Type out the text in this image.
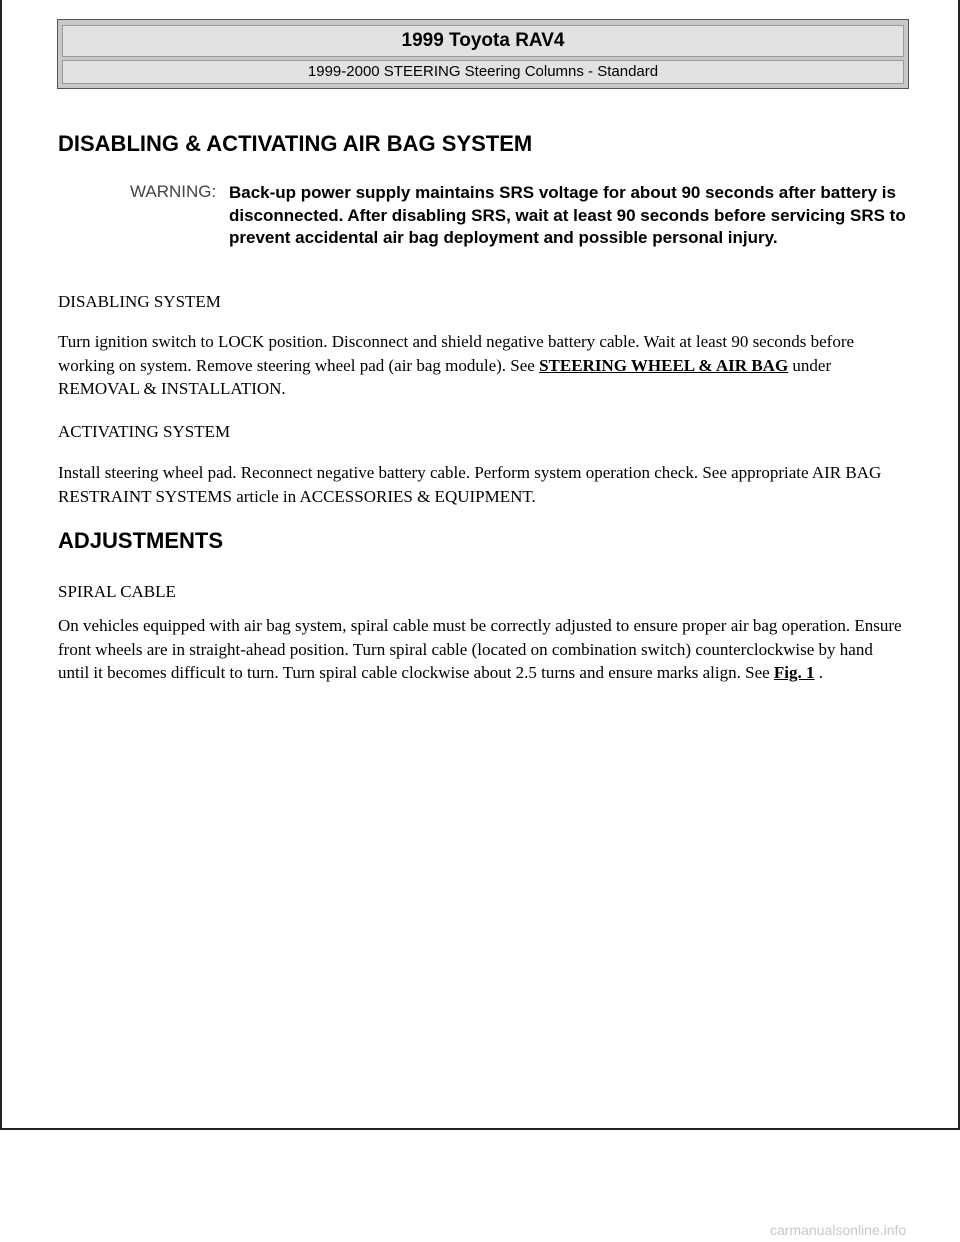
1999 Toyota RAV4
1999-2000 STEERING Steering Columns - Standard
DISABLING & ACTIVATING AIR BAG SYSTEM
WARNING: Back-up power supply maintains SRS voltage for about 90 seconds after battery is disconnected. After disabling SRS, wait at least 90 seconds before servicing SRS to prevent accidental air bag deployment and possible personal injury.
DISABLING SYSTEM

Turn ignition switch to LOCK position. Disconnect and shield negative battery cable. Wait at least 90 seconds before working on system. Remove steering wheel pad (air bag module). See STEERING WHEEL & AIR BAG under REMOVAL & INSTALLATION.

ACTIVATING SYSTEM

Install steering wheel pad. Reconnect negative battery cable. Perform system operation check. See appropriate AIR BAG RESTRAINT SYSTEMS article in ACCESSORIES & EQUIPMENT.

ADJUSTMENTS
SPIRAL CABLE

On vehicles equipped with air bag system, spiral cable must be correctly adjusted to ensure proper air bag operation. Ensure front wheels are in straight-ahead position. Turn spiral cable (located on combination switch) counterclockwise by hand until it becomes difficult to turn. Turn spiral cable clockwise about 2.5 turns and ensure marks align. See Fig. 1 .

carmanualsonline.info
